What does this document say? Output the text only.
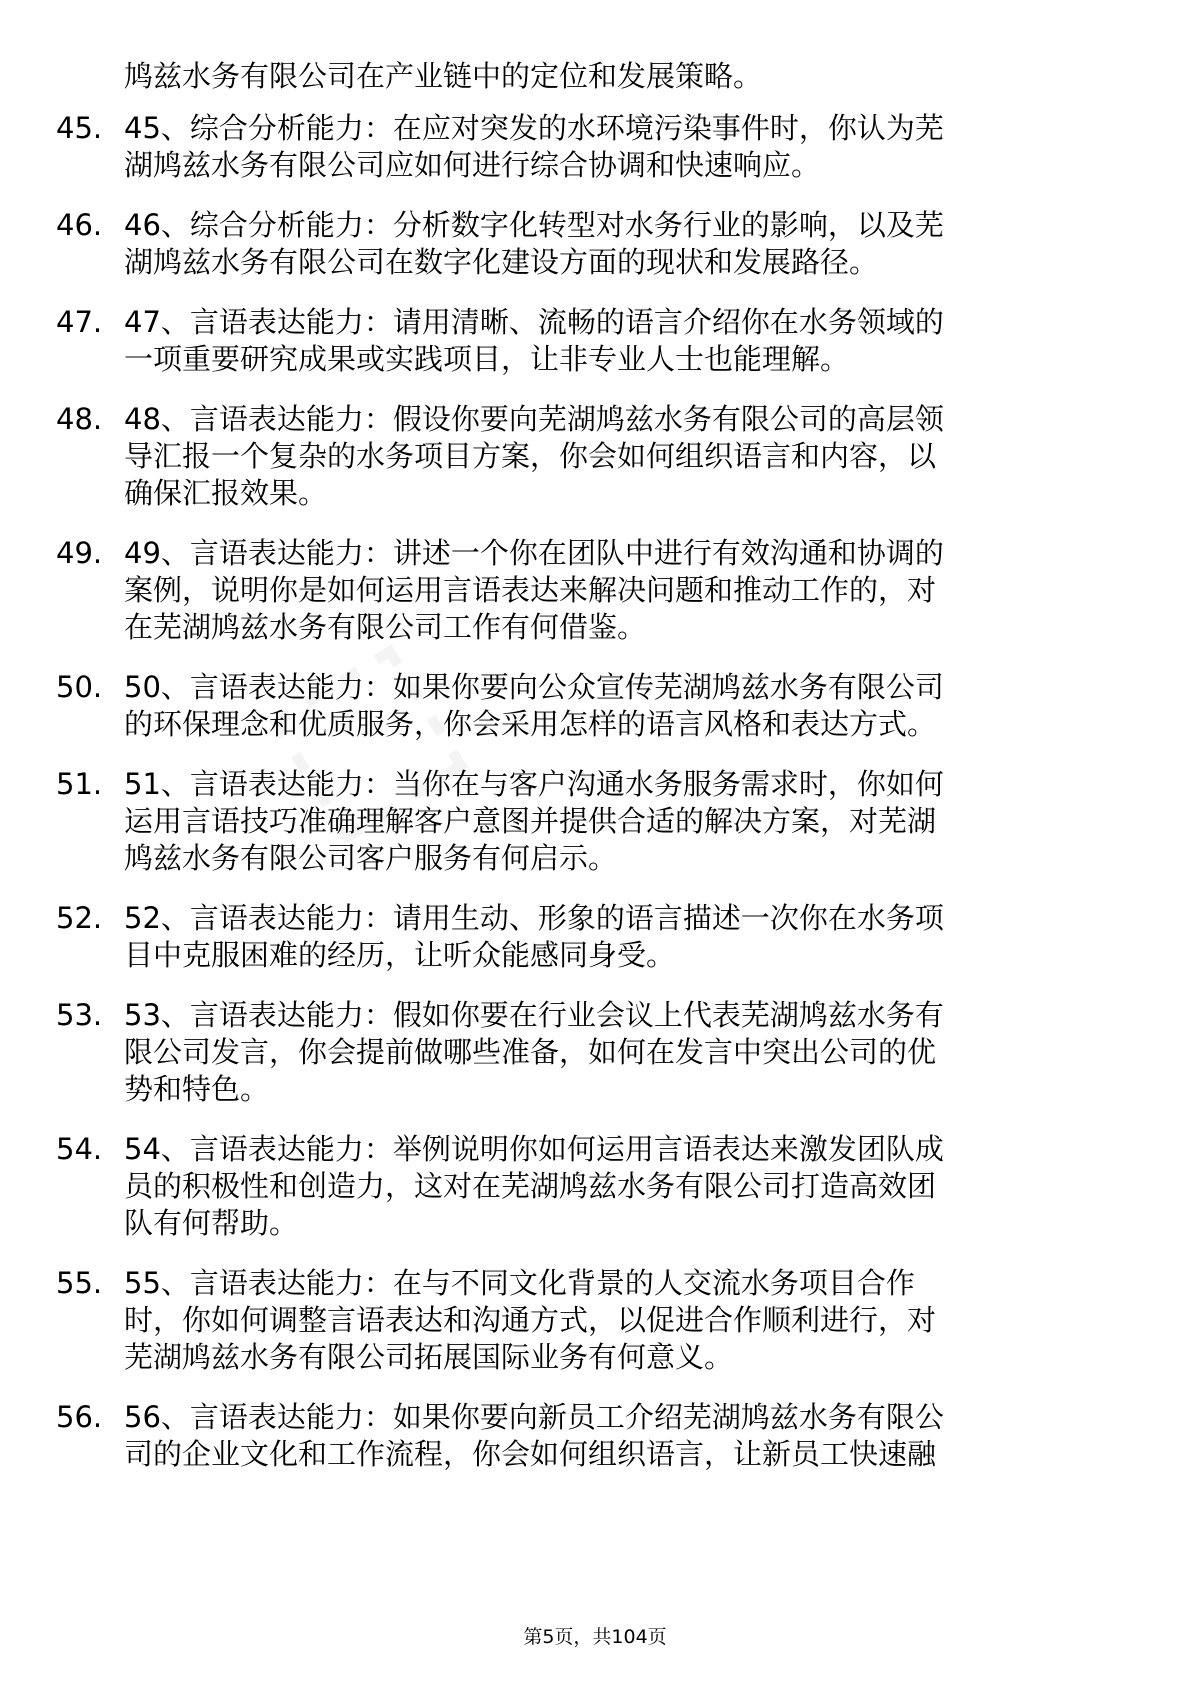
鸠兹水务有限公司在产业链中的定位和发展策略。
45. 45、综合分析能力：在应对突发的水环境污染事件时，你认为芜
湖鸠兹水务有限公司应如何进行综合协调和快速响应。
46. 46、综合分析能力：分析数字化转型对水务行业的影响，以及芜
湖鸠兹水务有限公司在数字化建设方面的现状和发展路径。
47. 47、言语表达能力：请用清晰、流畅的语言介绍你在水务领域的
一项重要研究成果或实践项目，让非专业人士也能理解。
48. 48、言语表达能力：假设你要向芜湖鸠兹水务有限公司的高层领
导汇报一个复杂的水务项目方案，你会如何组织语言和内容，以
确保汇报效果。
49. 49、言语表达能力：讲述一个你在团队中进行有效沟通和协调的
案例，说明你是如何运用言语表达来解决问题和推动工作的，对
在芜湖鸠兹水务有限公司工作有何借鉴。
50. 50、言语表达能力：如果你要向公众宣传芜湖鸠兹水务有限公司
的环保理念和优质服务，你会采用怎样的语言风格和表达方式。
51. 51、言语表达能力：当你在与客户沟通水务服务需求时，你如何
运用言语技巧准确理解客户意图并提供合适的解决方案，对芜湖
鸠兹水务有限公司客户服务有何启示。
52. 52、言语表达能力：请用生动、形象的语言描述一次你在水务项
目中克服困难的经历，让听众能感同身受。
53. 53、言语表达能力：假如你要在行业会议上代表芜湖鸠兹水务有
限公司发言，你会提前做哪些准备，如何在发言中突出公司的优
势和特色。
54. 54、言语表达能力：举例说明你如何运用言语表达来激发团队成
员的积极性和创造力，这对在芜湖鸠兹水务有限公司打造高效团
队有何帮助。
55. 55、言语表达能力：在与不同文化背景的人交流水务项目合作
时，你如何调整言语表达和沟通方式，以促进合作顺利进行，对
芜湖鸠兹水务有限公司拓展国际业务有何意义。
56. 56、言语表达能力：如果你要向新员工介绍芜湖鸠兹水务有限公
司的企业文化和工作流程，你会如何组织语言，让新员工快速融
第5页，共104页
